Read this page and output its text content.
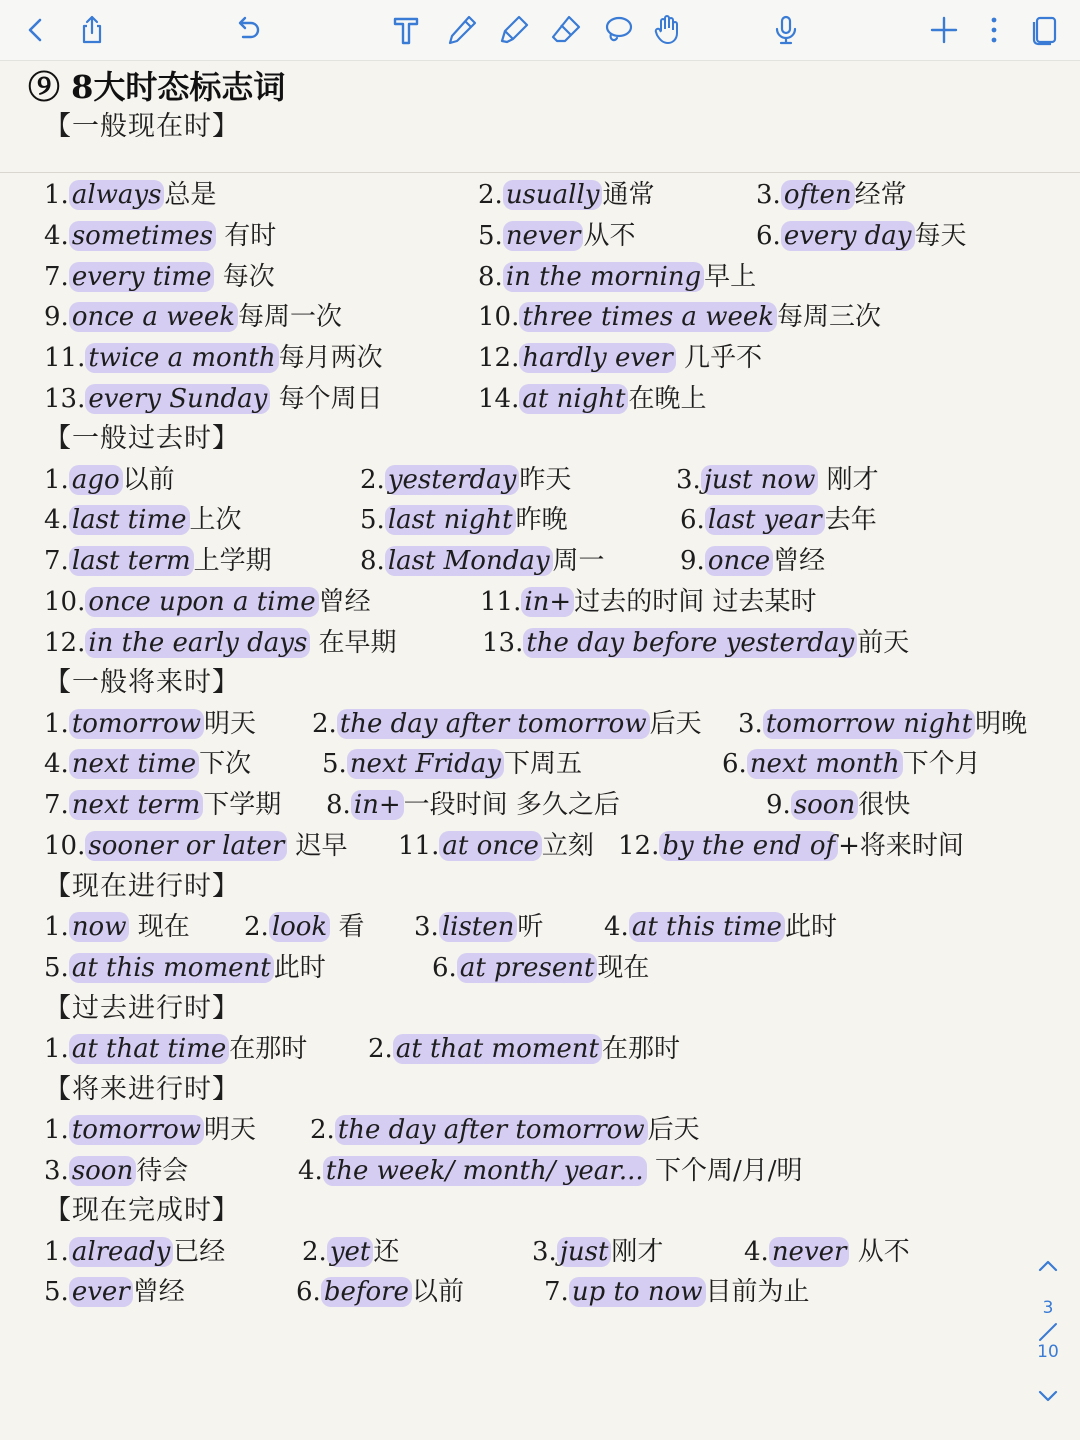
⑨ 8大时态标志词
【一般现在时】
1. always 总是	2. usually 通常	3. often 经常
4. sometimes 有时	5. never 从不	6. every day 每天
7. every time 每次	8. in the morning 早上
9. once a week 每周一次	10. three times a week 每周三次
11. twice a month 每月两次	12. hardly ever 几乎不
13. every Sunday 每个周日	14. at night 在晚上
【一般过去时】
1. ago 以前	2. yesterday 昨天	3. just now 刚才
4. last time 上次	5. last night 昨晚	6. last year 去年
7. last term 上学期	8. last Monday 周一	9. once 曾经
10. once upon a time 曾经	11. in+ 过去的时间 过去某时
12. in the early days 在早期	13. the day before yesterday 前天
【一般将来时】
1. tomorrow 明天 2. the day after tomorrow 后天 3. tomorrow night 明晚
4. next time 下次	5. next Friday 下周五	6. next month 下个月
7. next term 下学期 8. in+ 一段时间 多久之后	9. soon 很快
10. sooner or later 迟早 11. at once 立刻 12. by the end of +将来时间
【现在进行时】
1. now 现在 2. look 看 3. listen 听 4. at this time 此时
5. at this moment 此时	6. at present 现在
【过去进行时】
1. at that time 在那时 2. at that moment 在那时
【将来进行时】
1. tomorrow 明天 2. the day after tomorrow 后天
3. soon 待会	4. the week/ month/ year... 下个周/月/明
【现在完成时】
1. already 已经	2. yet 还	3. just 刚才	4. never 从不
5. ever 曾经	6. before 以前	7. up to now 目前为止
3
10
